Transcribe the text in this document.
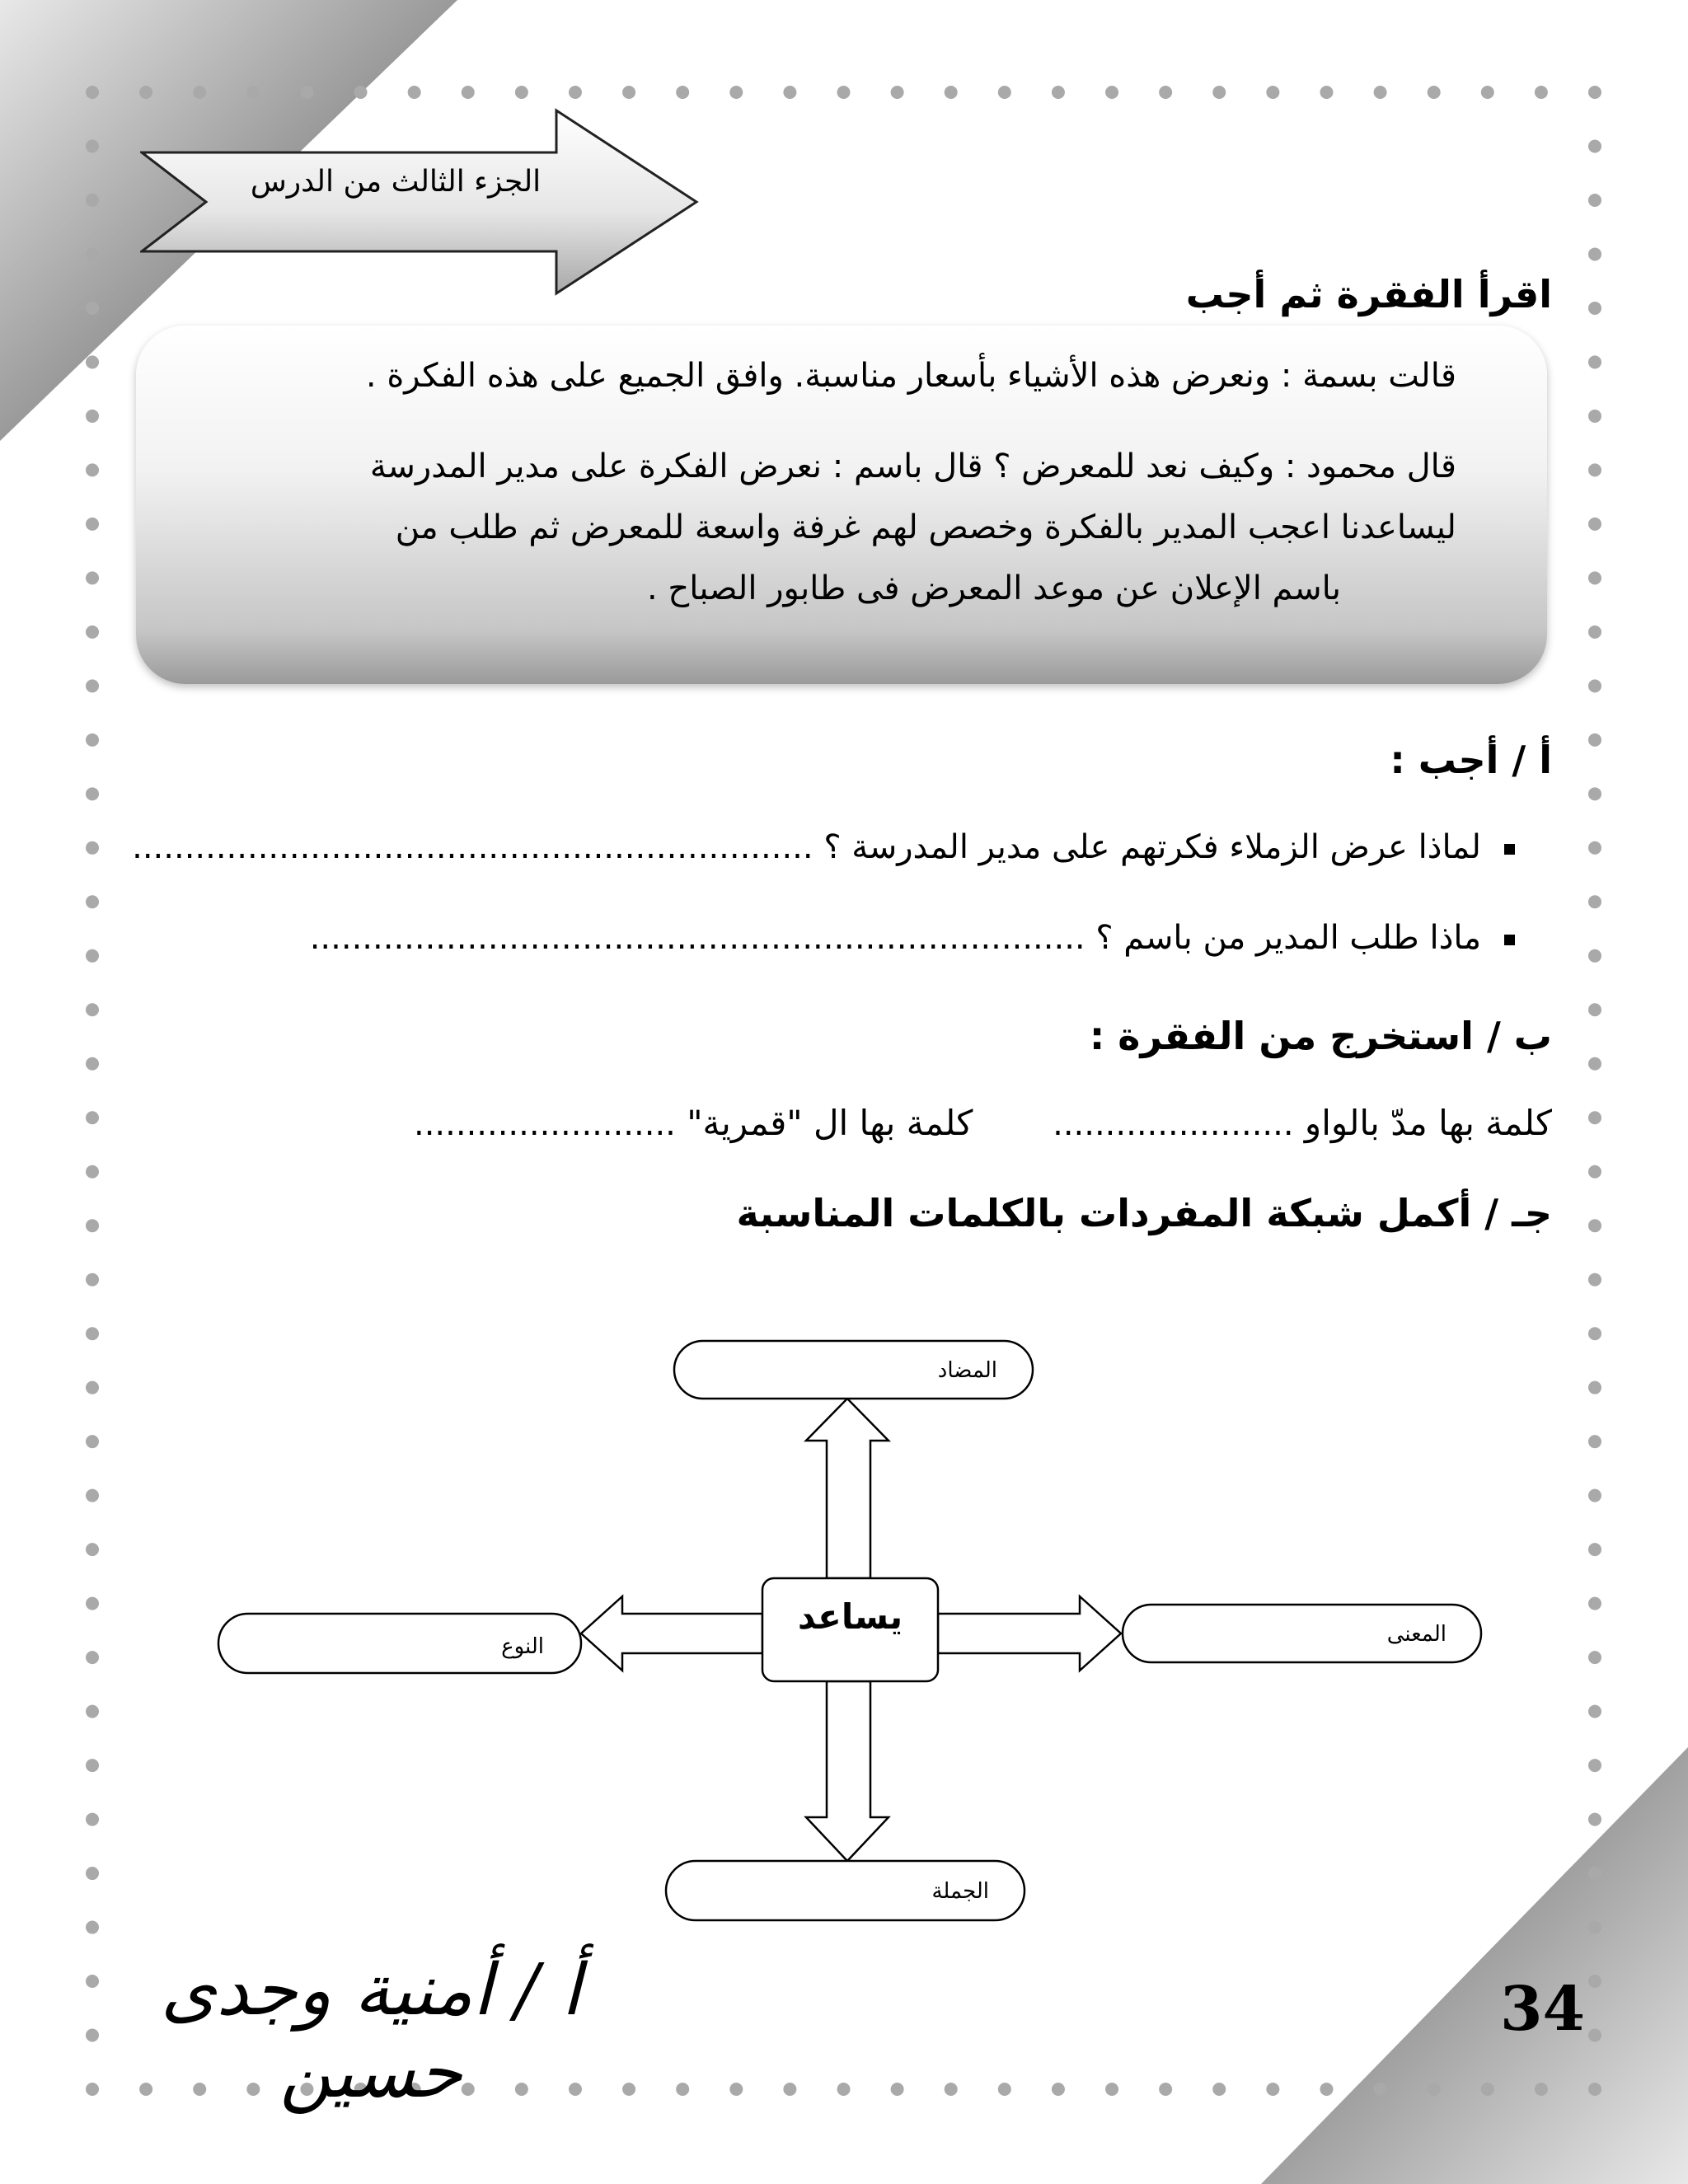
الجزء الثالث من الدرس
اقرأ الفقرة ثم أجب
قالت بسمة : ونعرض هذه الأشياء بأسعار مناسبة. وافق الجميع على هذه الفكرة .
قال محمود : وكيف نعد للمعرض ؟ قال باسم : نعرض الفكرة على مدير المدرسة
ليساعدنا اعجب المدير بالفكرة وخصص لهم غرفة واسعة للمعرض ثم طلب من
باسم الإعلان عن موعد المعرض فى طابور الصباح .
أ / أجب :
لماذا عرض الزملاء فكرتهم على مدير المدرسة ؟ .................................................................
ماذا طلب المدير من باسم ؟ ..........................................................................
ب / استخرج من الفقرة :
كلمة بها مدّ بالواو .......................  كلمة بها ال "قمرية" .........................
جـ / أكمل شبكة المفردات بالكلمات المناسبة
يساعد
المضاد
المعنى
النوع
الجملة
أ / أمنية وجدى حسين
34
